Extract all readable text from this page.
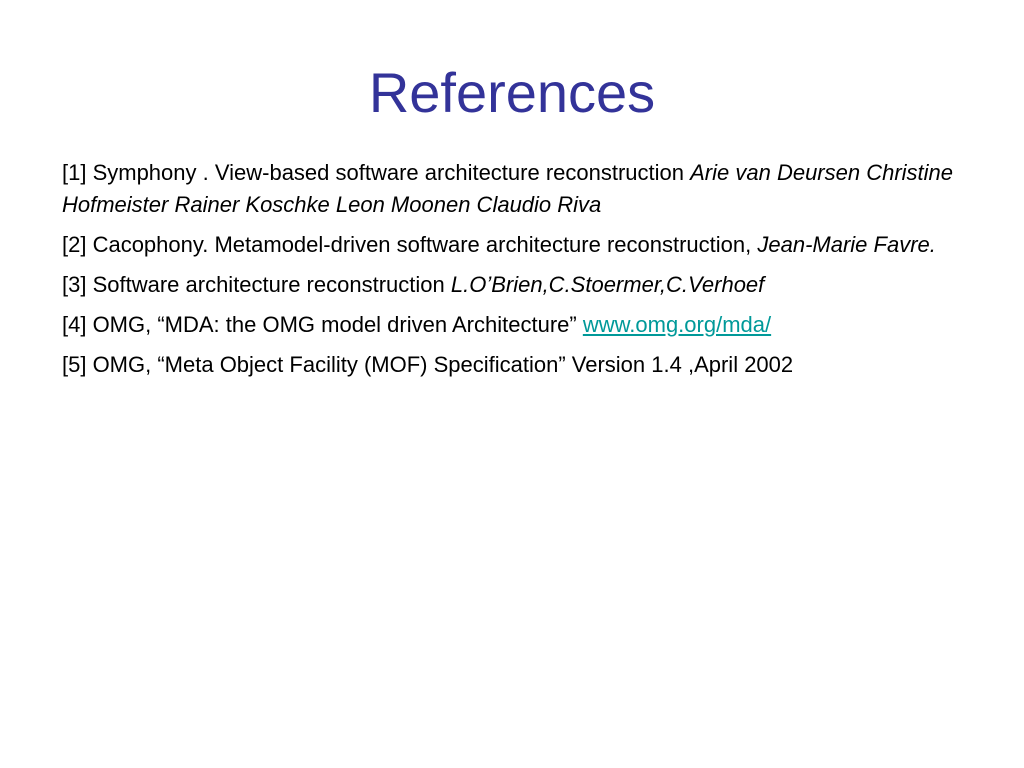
References
[1] Symphony . View-based software architecture reconstruction Arie van Deursen Christine Hofmeister Rainer Koschke Leon Moonen Claudio Riva
[2] Cacophony. Metamodel-driven software architecture reconstruction, Jean-Marie Favre.
[3] Software architecture reconstruction L.O’Brien,C.Stoermer,C.Verhoef
[4] OMG, “MDA: the OMG model driven Architecture” www.omg.org/mda/
[5] OMG, “Meta Object Facility (MOF) Specification” Version 1.4 ,April 2002
